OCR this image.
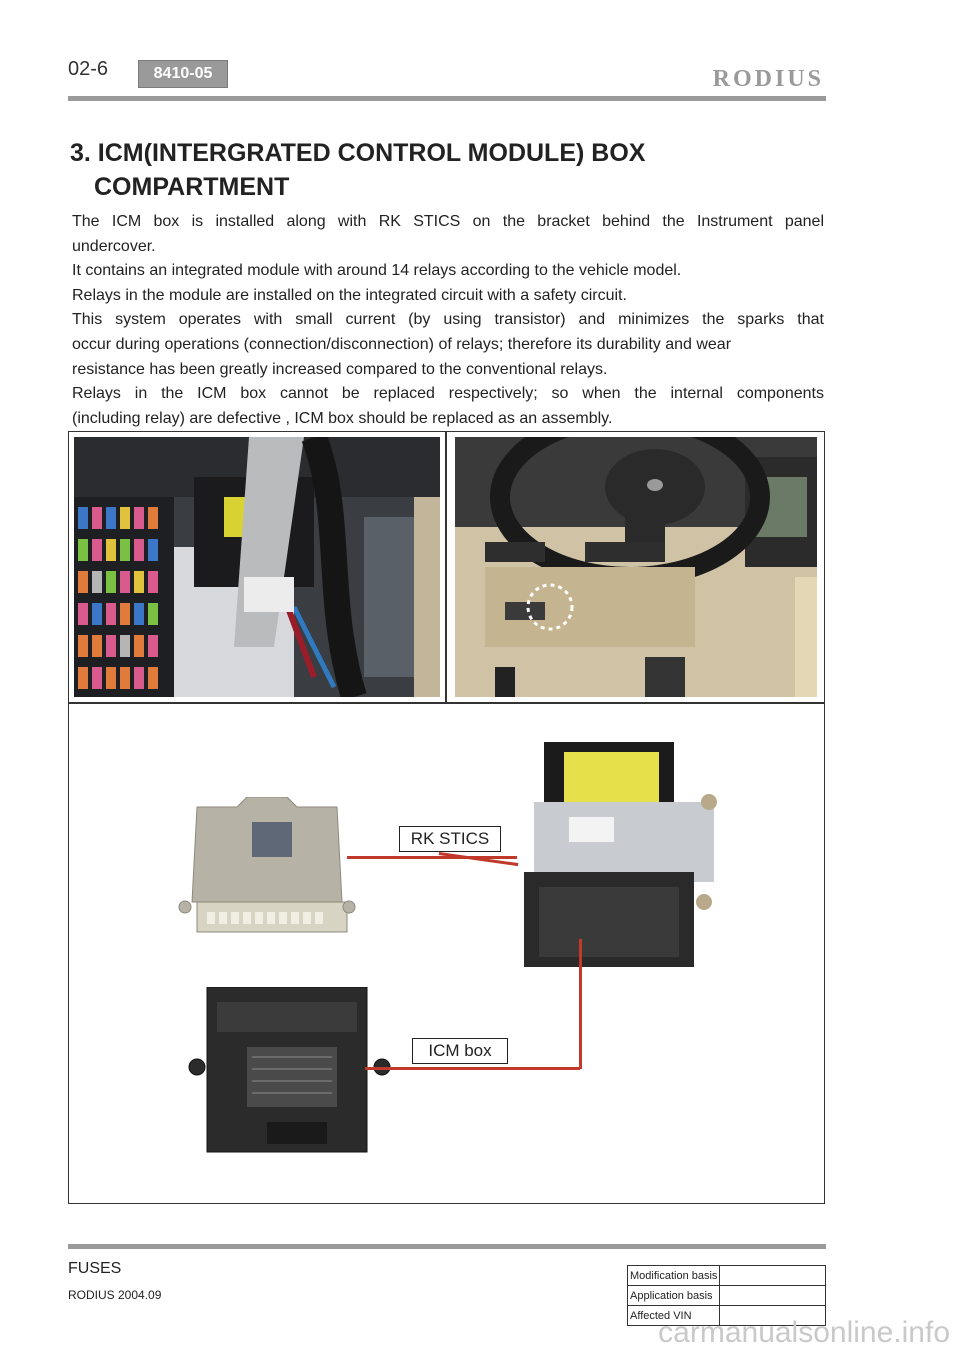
02-6	8410-05	RODIUS
3. ICM(INTERGRATED CONTROL MODULE) BOX
COMPARTMENT

The ICM box is installed along with RK STICS on the bracket behind the Instrument panel

undercover.

It contains an integrated module with around 14 relays according to the vehicle model.

Relays in the module are installed on the integrated circuit with a safety circuit.

This system operates with small current (by using transistor) and minimizes the sparks that

occur during operations (connection/disconnection) of relays; therefore its durability and wear

resistance has been greatly increased compared to the conventional relays.

Relays in the ICM box cannot be replaced respectively; so when the internal components

(including relay) are defective , ICM box should be replaced as an assembly.

RK STICS
ICM box
FUSES
RODIUS 2004.09
Modification basis	
Application basis	
Affected VIN	
carmanualsonline.info
